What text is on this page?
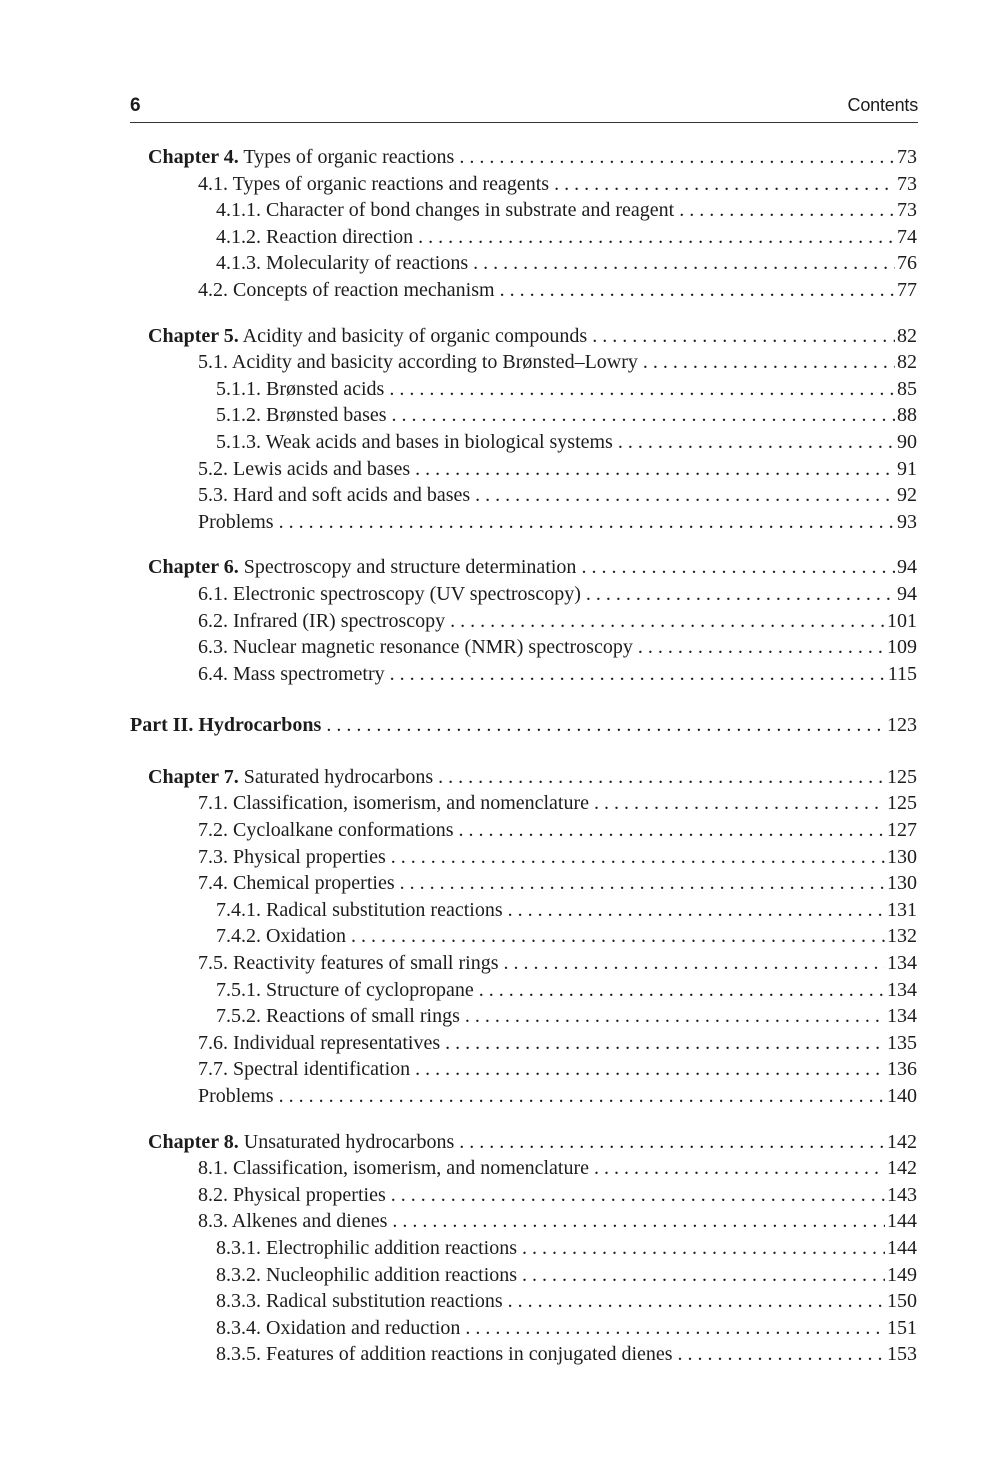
6	Contents
Chapter 4. Types of organic reactions . . .	73
4.1. Types of organic reactions and reagents . . .	73
4.1.1. Character of bond changes in substrate and reagent . . .	73
4.1.2. Reaction direction . . .	74
4.1.3. Molecularity of reactions . . .	76
4.2. Concepts of reaction mechanism . . .	77
Chapter 5. Acidity and basicity of organic compounds . . .	82
5.1. Acidity and basicity according to Brønsted–Lowry . . .	82
5.1.1. Brønsted acids . . .	85
5.1.2. Brønsted bases . . .	88
5.1.3. Weak acids and bases in biological systems . . .	90
5.2. Lewis acids and bases . . .	91
5.3. Hard and soft acids and bases . . .	92
Problems . . .	93
Chapter 6. Spectroscopy and structure determination . . .	94
6.1. Electronic spectroscopy (UV spectroscopy) . . .	94
6.2. Infrared (IR) spectroscopy . . .	101
6.3. Nuclear magnetic resonance (NMR) spectroscopy . . .	109
6.4. Mass spectrometry . . .	115
Part II. Hydrocarbons . . .	123
Chapter 7. Saturated hydrocarbons . . .	125
7.1. Classification, isomerism, and nomenclature . . .	125
7.2. Cycloalkane conformations . . .	127
7.3. Physical properties . . .	130
7.4. Chemical properties . . .	130
7.4.1. Radical substitution reactions . . .	131
7.4.2. Oxidation . . .	132
7.5. Reactivity features of small rings . . .	134
7.5.1. Structure of cyclopropane . . .	134
7.5.2. Reactions of small rings . . .	134
7.6. Individual representatives . . .	135
7.7. Spectral identification . . .	136
Problems . . .	140
Chapter 8. Unsaturated hydrocarbons . . .	142
8.1. Classification, isomerism, and nomenclature . . .	142
8.2. Physical properties . . .	143
8.3. Alkenes and dienes . . .	144
8.3.1. Electrophilic addition reactions . . .	144
8.3.2. Nucleophilic addition reactions . . .	149
8.3.3. Radical substitution reactions . . .	150
8.3.4. Oxidation and reduction . . .	151
8.3.5. Features of addition reactions in conjugated dienes . . .	153
